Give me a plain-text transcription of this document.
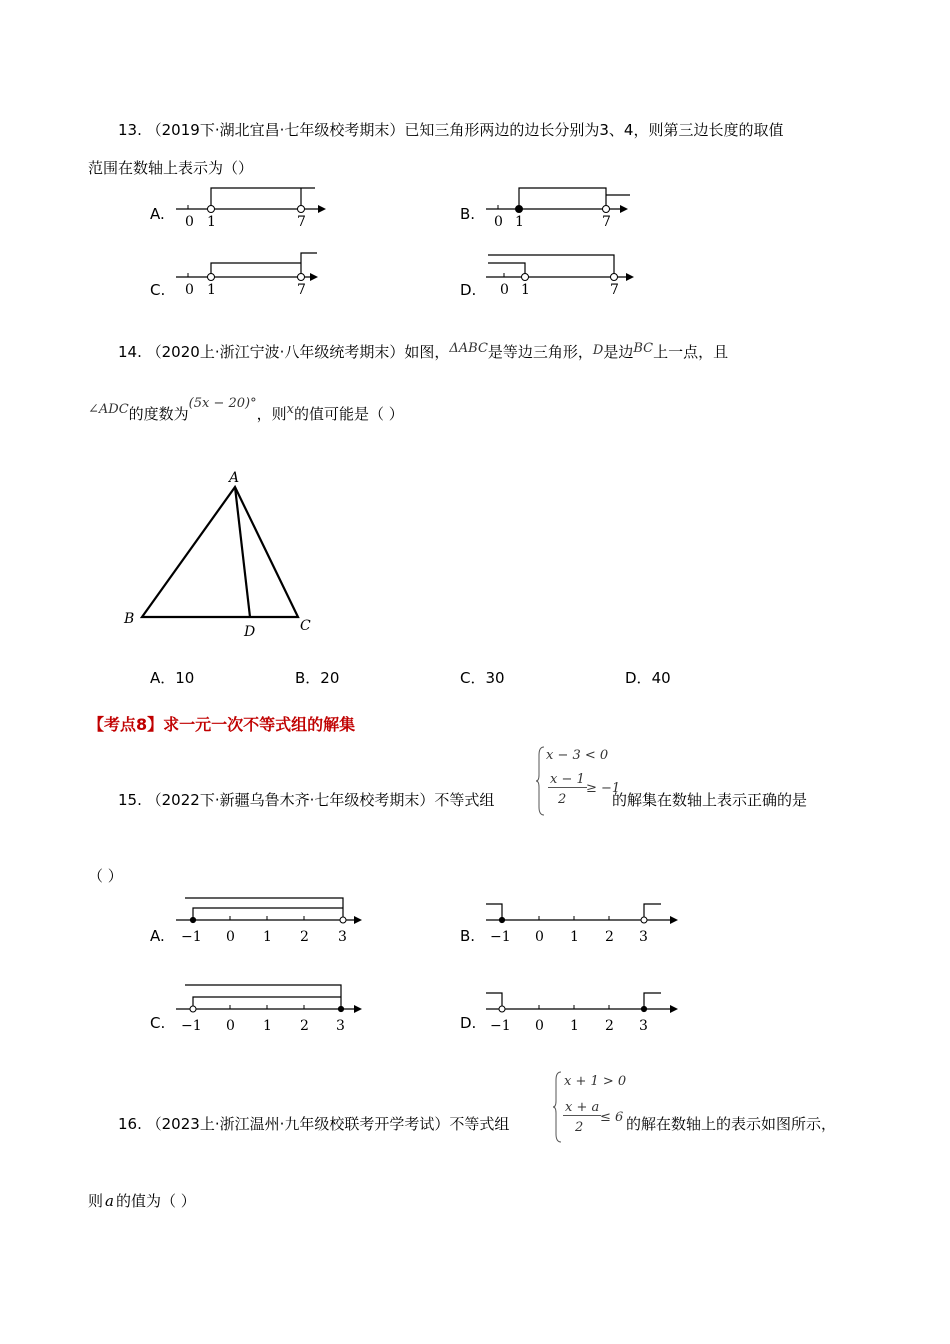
13. （2019下·湖北宜昌·七年级校考期末）已知三角形两边的边长分别为3、4，则第三边长度的取值
范围在数轴上表示为（）
A. 0 1	7	B. 0 1	7
C. 0 1	7	D. 0 1	7
14. （2020上·浙江宁波·八年级统考期末）如图，ΔABC是等边三角形，D是边BC上一点，且
∠ADC的度数为(5x − 20)°，则x的值可能是（ ）
A
B	C
D
A．10	B．20	C．30	D．40
【考点8】求一元一次不等式组的解集
15. （2022下·新疆乌鲁木齐·七年级校考期末）不等式组
x − 3 < 0
x − 1
2
≥ −1
的解集在数轴上表示正确的是
（ ）
A. −1 0 1 2 3	B. −1 0 1 2 3
C. −1 0 1 2 3	D. −1 0 1 2 3
16. （2023上·浙江温州·九年级校联考开学考试）不等式组
x + 1 > 0
x + a
2
≤ 6 的解在数轴上的表示如图所示，
则 a 的值为（ ）
